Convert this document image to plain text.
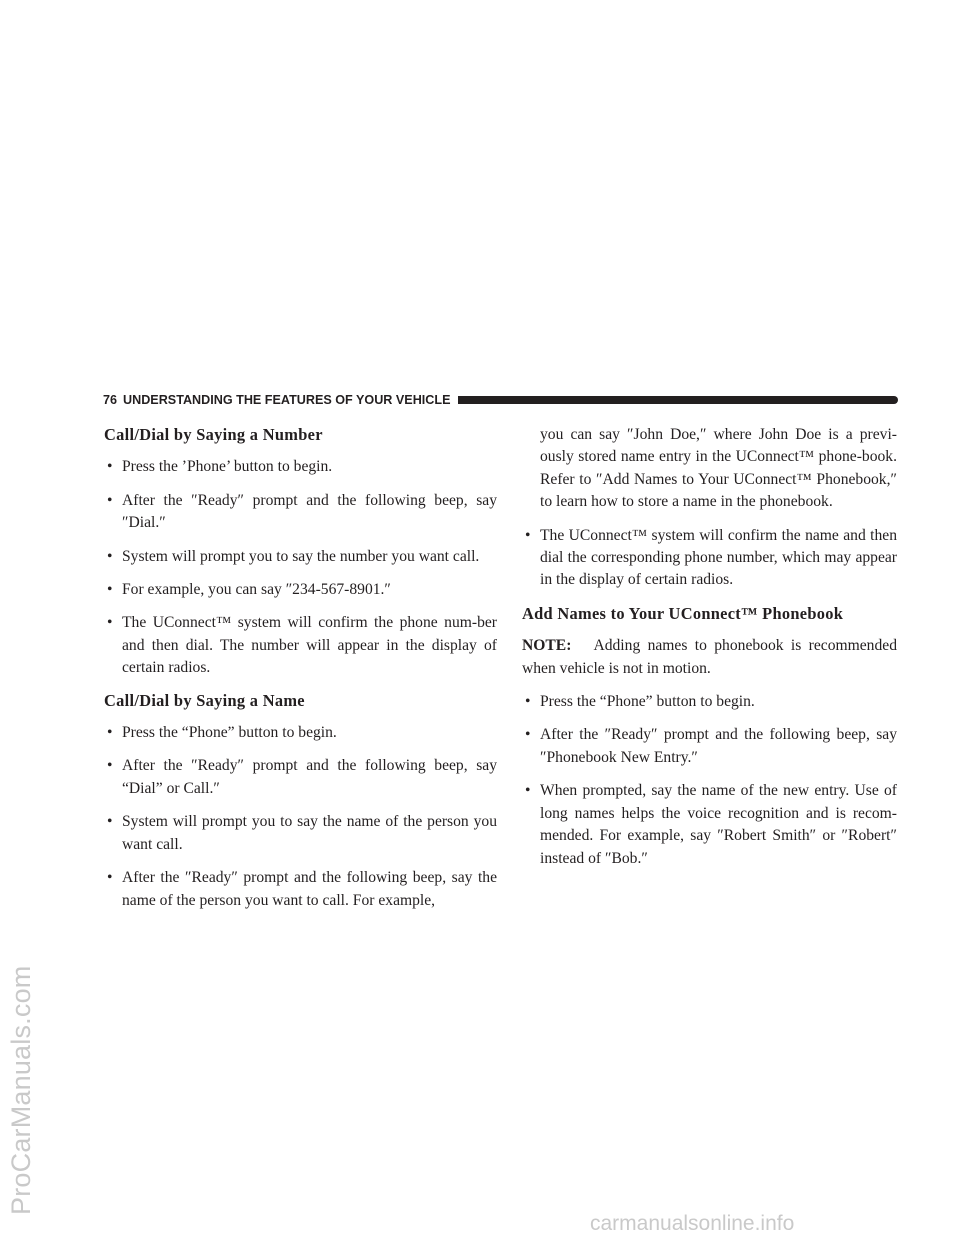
76 UNDERSTANDING THE FEATURES OF YOUR VEHICLE
Call/Dial by Saying a Number
• Press the ’Phone’ button to begin.
• After the ″Ready″ prompt and the following beep, say ″Dial.″
• System will prompt you to say the number you want call.
• For example, you can say ″234-567-8901.″
• The UConnect™ system will confirm the phone num-ber and then dial. The number will appear in the display of certain radios.
Call/Dial by Saying a Name
• Press the “Phone” button to begin.
• After the ″Ready″ prompt and the following beep, say “Dial” or Call.″
• System will prompt you to say the name of the person you want call.
• After the ″Ready″ prompt and the following beep, say the name of the person you want to call. For example,

you can say ″John Doe,″ where John Doe is a previ-ously stored name entry in the UConnect™ phone-book. Refer to ″Add Names to Your UConnect™ Phonebook,″ to learn how to store a name in the phonebook.

• The UConnect™ system will confirm the name and then dial the corresponding phone number, which may appear in the display of certain radios.
Add Names to Your UConnect™ Phonebook

NOTE: Adding names to phonebook is recommended when vehicle is not in motion.

• Press the “Phone” button to begin.
• After the ″Ready″ prompt and the following beep, say ″Phonebook New Entry.″
• When prompted, say the name of the new entry. Use of long names helps the voice recognition and is recom-mended. For example, say ″Robert Smith″ or ″Robert″ instead of ″Bob.″
ProCarManuals.com
carmanualsonline.info
